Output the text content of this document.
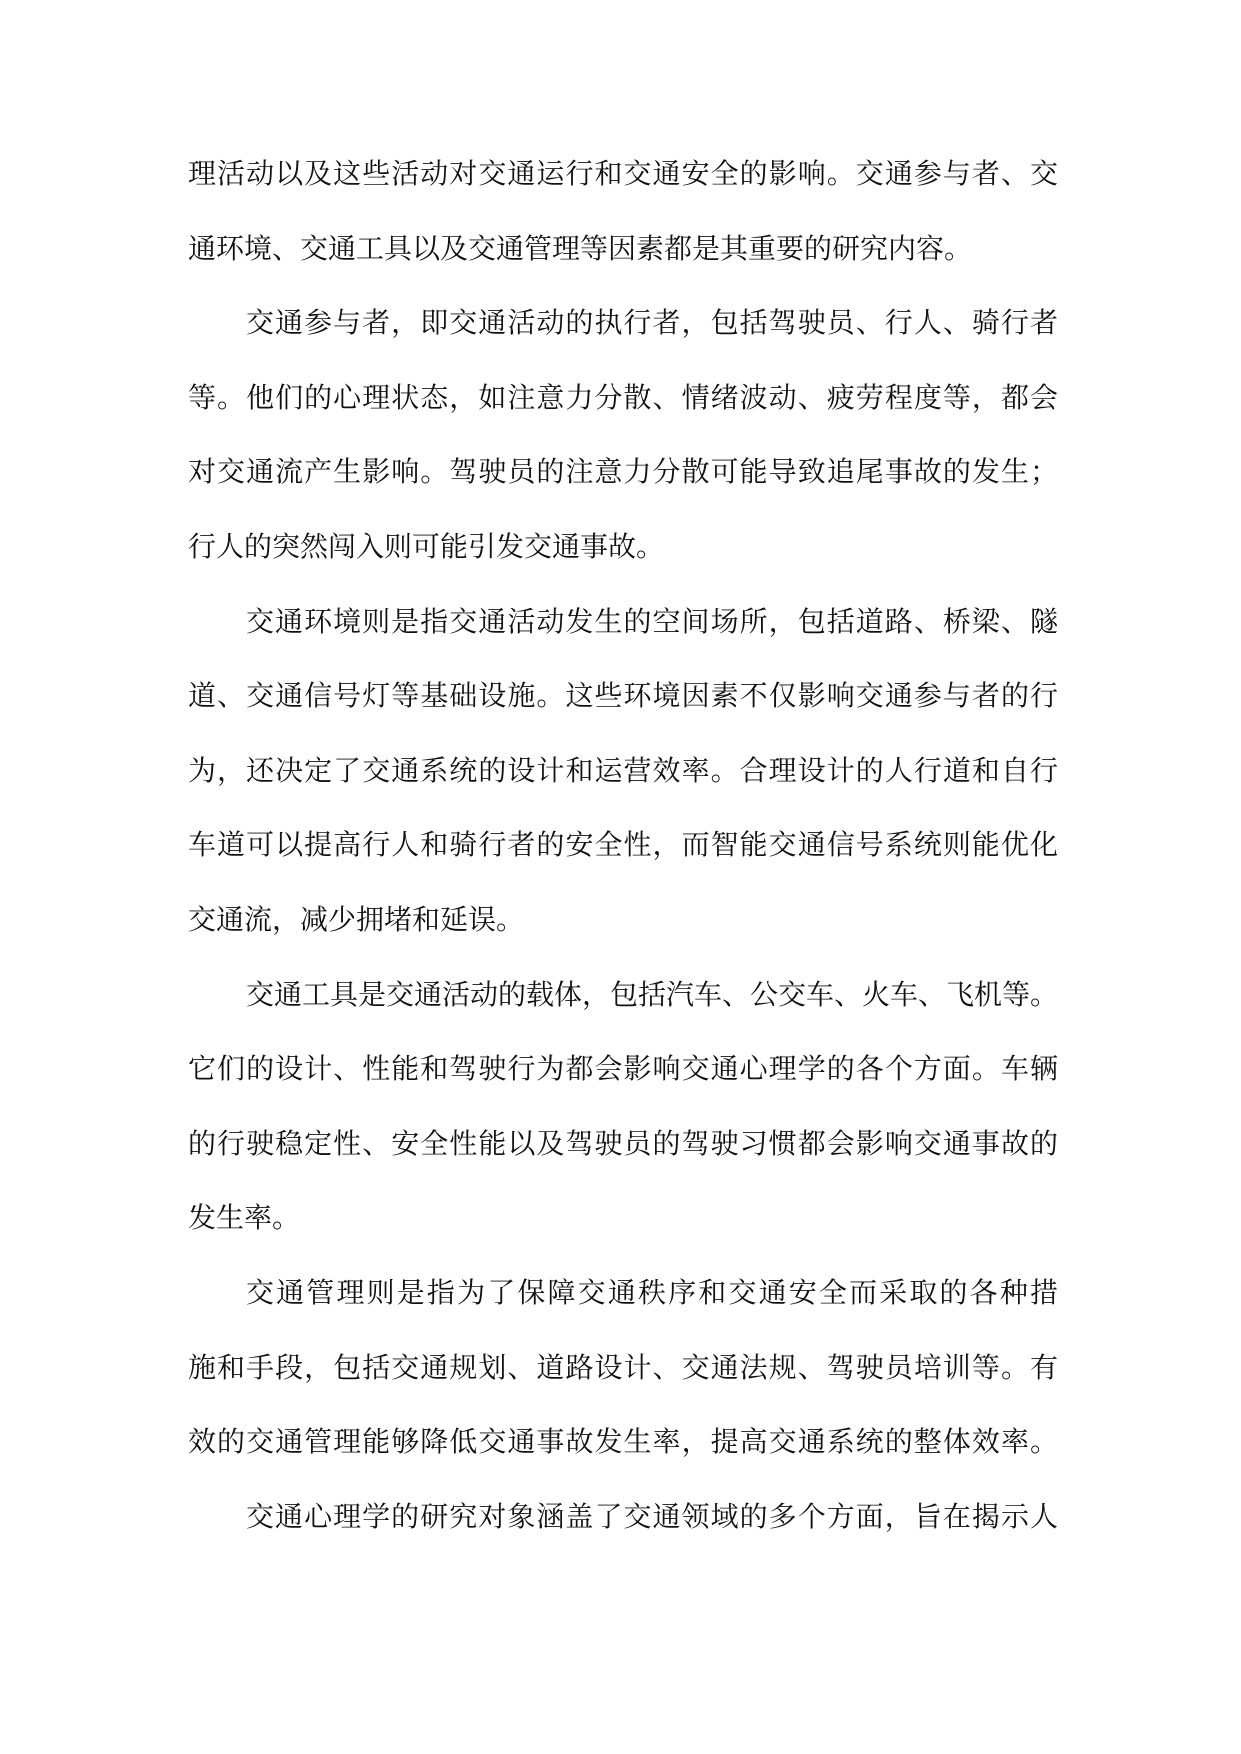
理活动以及这些活动对交通运行和交通安全的影响。交通参与者、交
通环境、交通工具以及交通管理等因素都是其重要的研究内容。
交通参与者，即交通活动的执行者，包括驾驶员、行人、骑行者
等。他们的心理状态，如注意力分散、情绪波动、疲劳程度等，都会
对交通流产生影响。驾驶员的注意力分散可能导致追尾事故的发生；
行人的突然闯入则可能引发交通事故。
交通环境则是指交通活动发生的空间场所，包括道路、桥梁、隧
道、交通信号灯等基础设施。这些环境因素不仅影响交通参与者的行
为，还决定了交通系统的设计和运营效率。合理设计的人行道和自行
车道可以提高行人和骑行者的安全性，而智能交通信号系统则能优化
交通流，减少拥堵和延误。
交通工具是交通活动的载体，包括汽车、公交车、火车、飞机等。
它们的设计、性能和驾驶行为都会影响交通心理学的各个方面。车辆
的行驶稳定性、安全性能以及驾驶员的驾驶习惯都会影响交通事故的
发生率。
交通管理则是指为了保障交通秩序和交通安全而采取的各种措
施和手段，包括交通规划、道路设计、交通法规、驾驶员培训等。有
效的交通管理能够降低交通事故发生率，提高交通系统的整体效率。
交通心理学的研究对象涵盖了交通领域的多个方面，旨在揭示人
